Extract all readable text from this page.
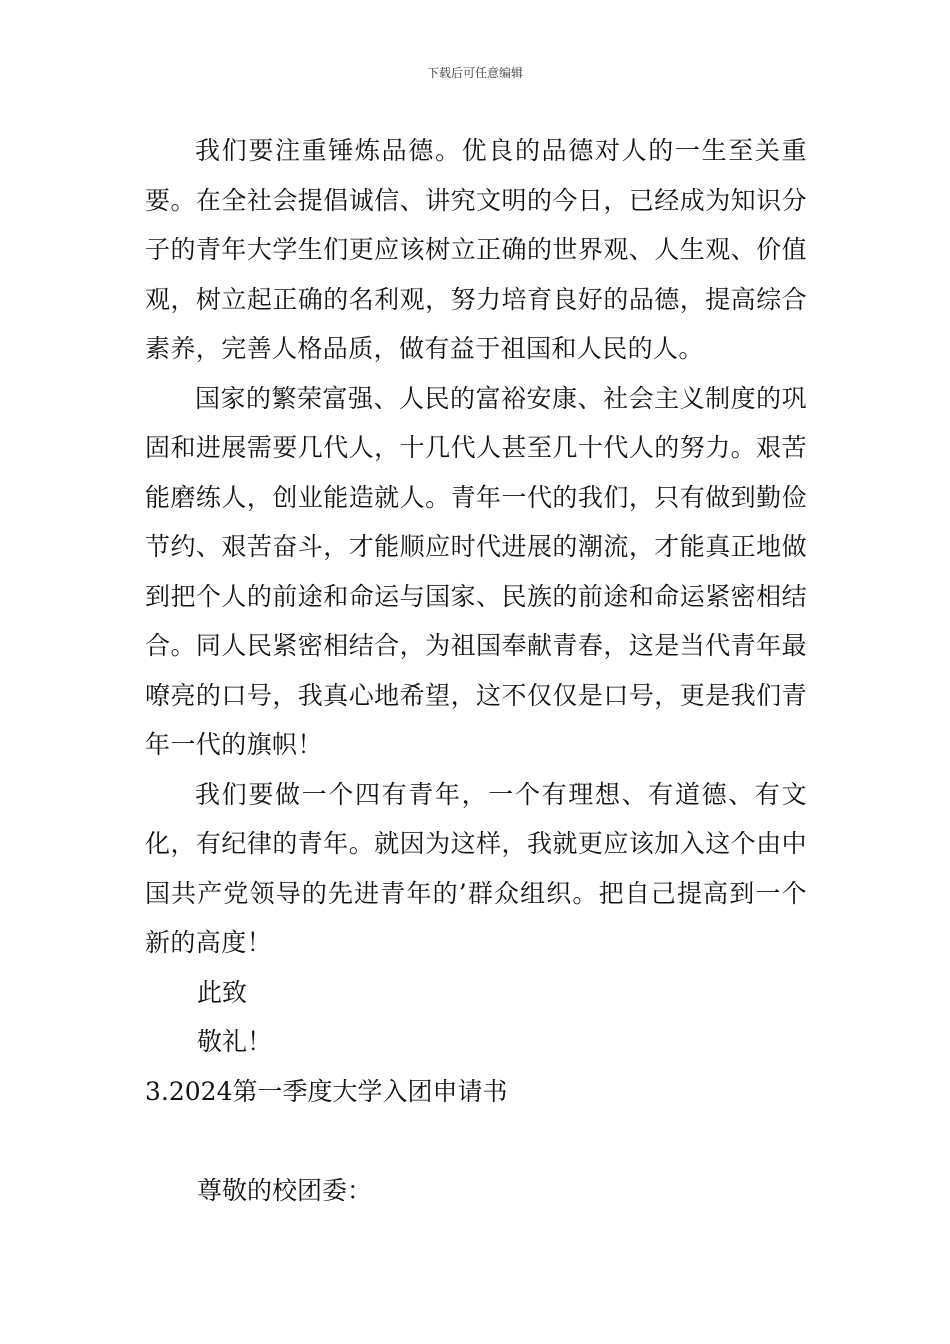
下载后可任意编辑

我们要注重锤炼品德。优良的品德对人的一生至关重要。在全社会提倡诚信、讲究文明的今日，已经成为知识分子的青年大学生们更应该树立正确的世界观、人生观、价值观，树立起正确的名利观，努力培育良好的品德，提高综合素养，完善人格品质，做有益于祖国和人民的人。

国家的繁荣富强、人民的富裕安康、社会主义制度的巩固和进展需要几代人，十几代人甚至几十代人的努力。艰苦能磨练人，创业能造就人。青年一代的我们，只有做到勤俭节约、艰苦奋斗，才能顺应时代进展的潮流，才能真正地做到把个人的前途和命运与国家、民族的前途和命运紧密相结合。同人民紧密相结合，为祖国奉献青春，这是当代青年最嘹亮的口号，我真心地希望，这不仅仅是口号，更是我们青年一代的旗帜！

我们要做一个四有青年，一个有理想、有道德、有文化，有纪律的青年。就因为这样，我就更应该加入这个由中国共产党领导的先进青年的’群众组织。把自己提高到一个新的高度！

此致

敬礼！

3.2024第一季度大学入团申请书

尊敬的校团委：
